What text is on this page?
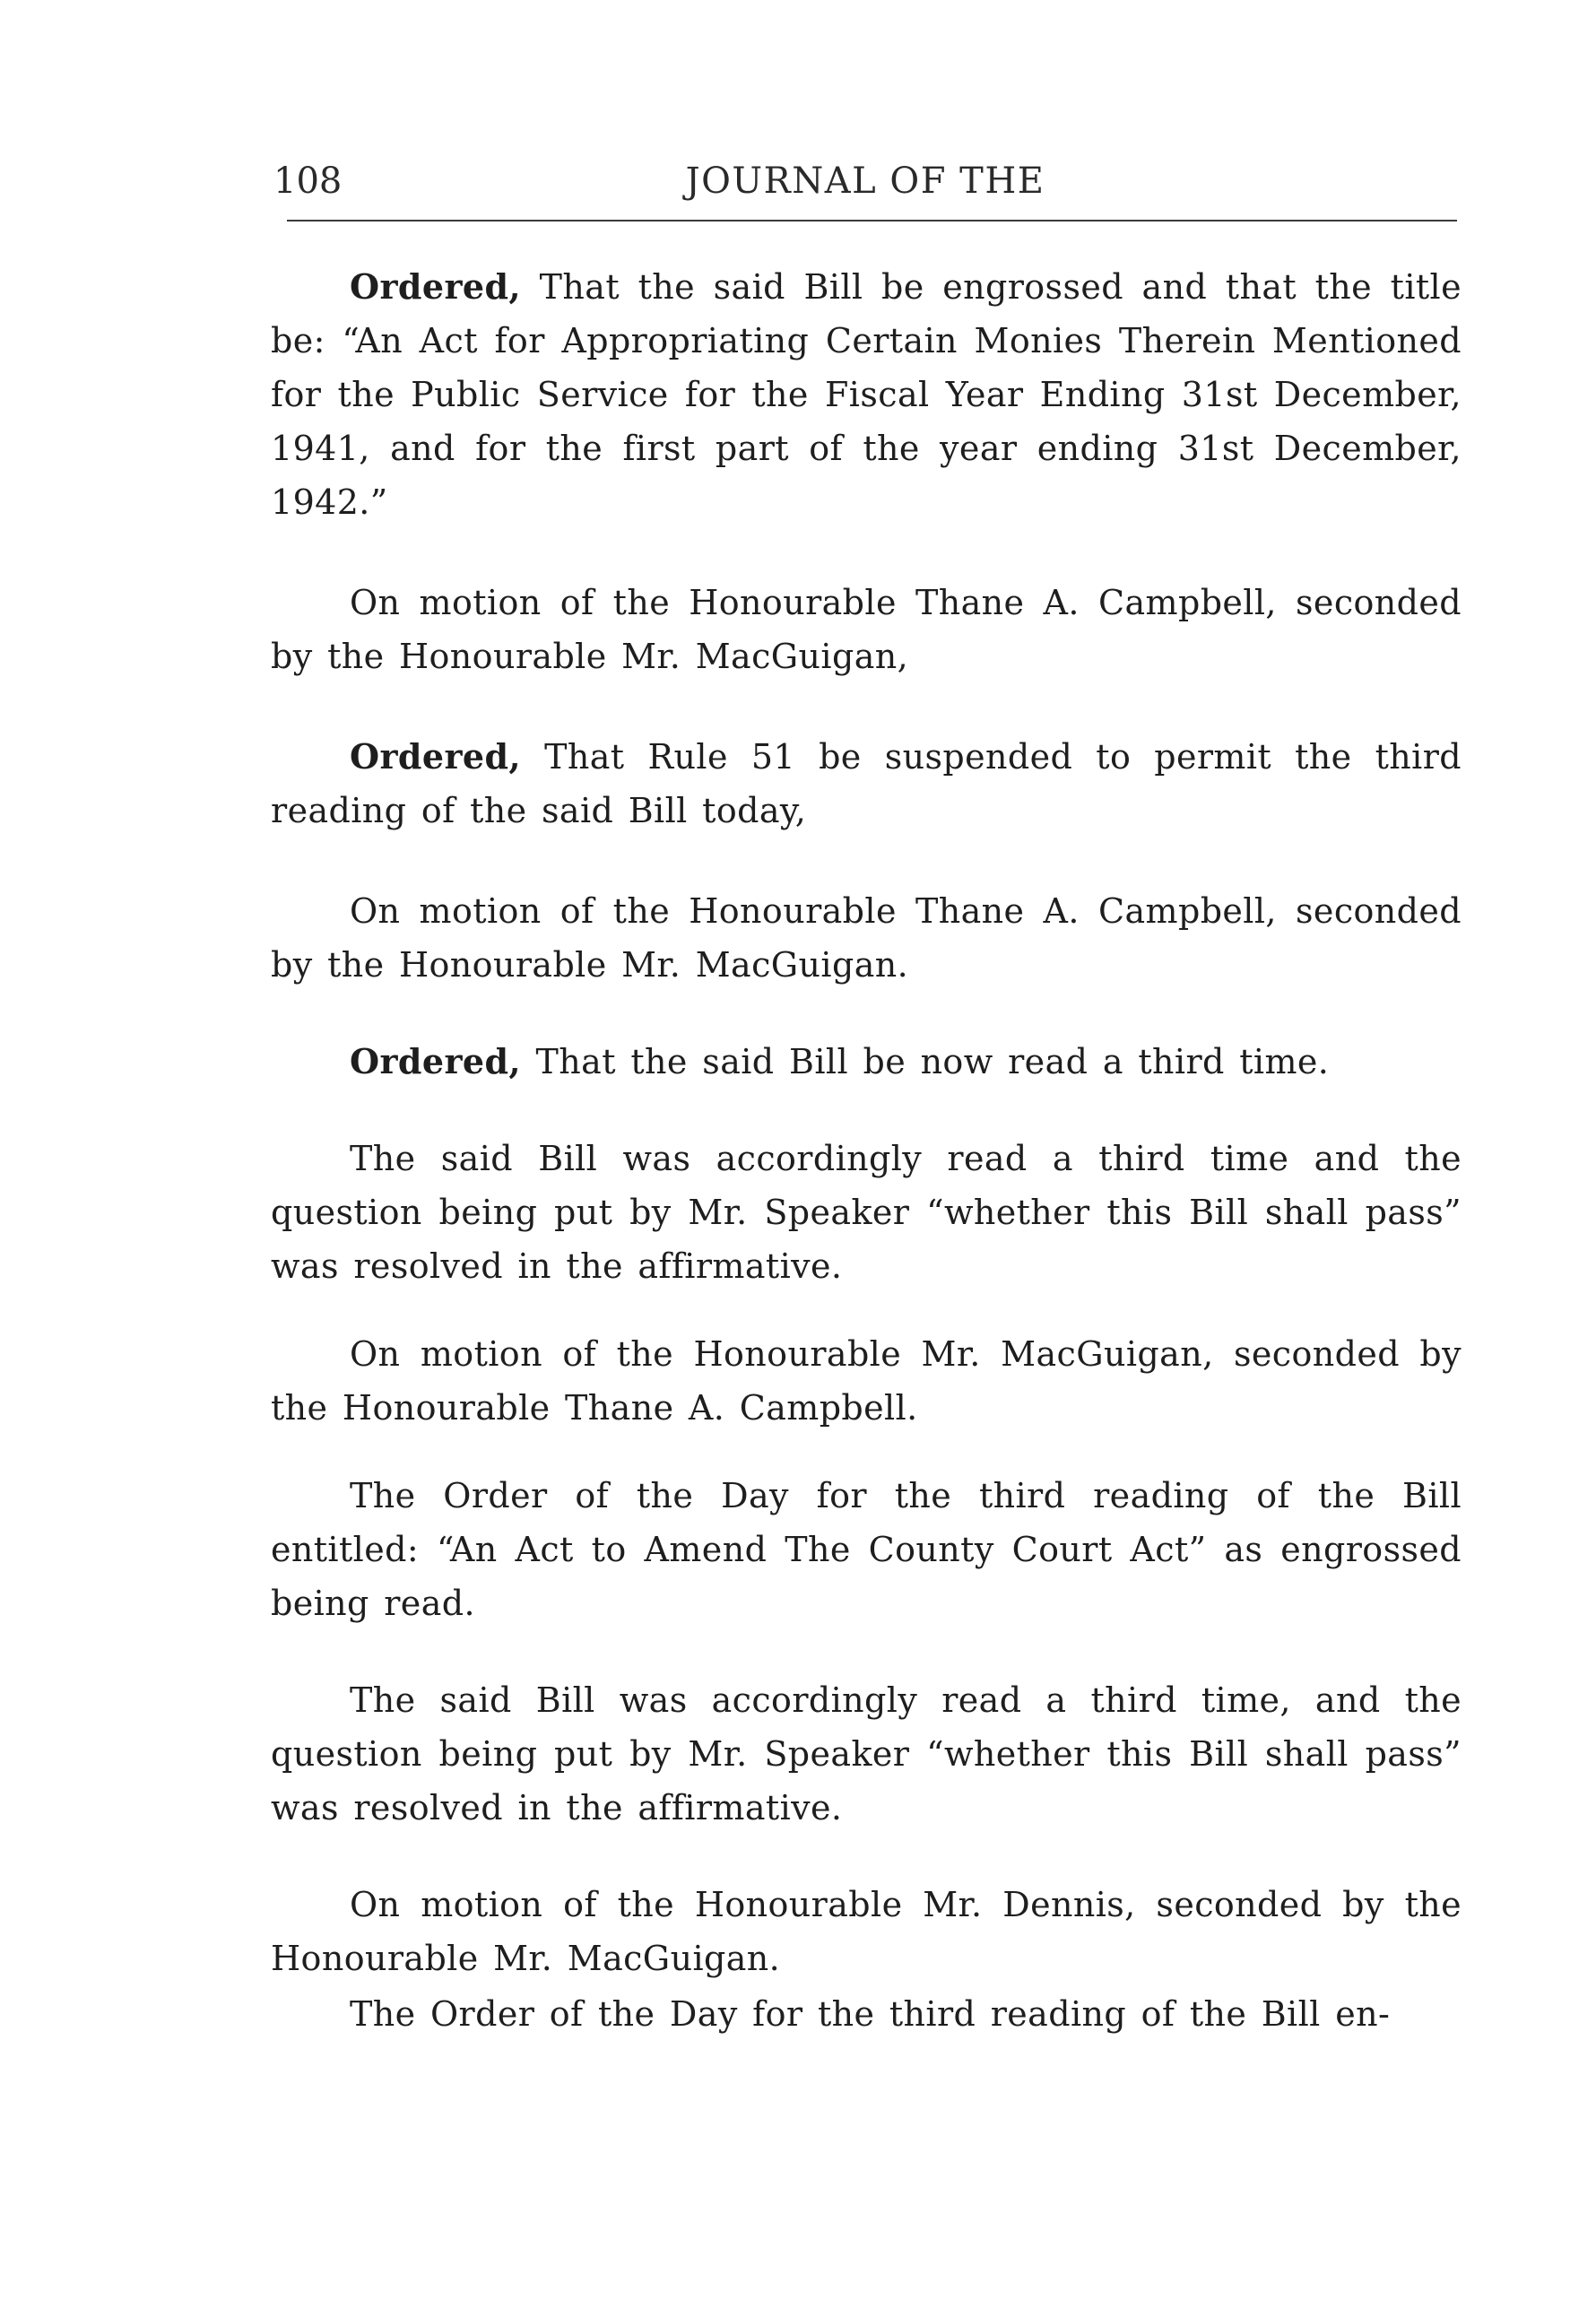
108	JOURNAL OF THE

Ordered, That the said Bill be engrossed and that the title be: “An Act for Appropriating Certain Monies Therein Mentioned for the Public Service for the Fiscal Year Ending 31st December, 1941, and for the first part of the year ending 31st December, 1942.”

On motion of the Honourable Thane A. Campbell, seconded by the Honourable Mr. MacGuigan,

Ordered, That Rule 51 be suspended to permit the third reading of the said Bill today,

On motion of the Honourable Thane A. Campbell, seconded by the Honourable Mr. MacGuigan.

Ordered, That the said Bill be now read a third time.

The said Bill was accordingly read a third time and the question being put by Mr. Speaker “whether this Bill shall pass” was resolved in the affirmative.

On motion of the Honourable Mr. MacGuigan, seconded by the Honourable Thane A. Campbell.

The Order of the Day for the third reading of the Bill entitled: “An Act to Amend The County Court Act” as engrossed being read.

The said Bill was accordingly read a third time, and the question being put by Mr. Speaker “whether this Bill shall pass” was resolved in the affirmative.

On motion of the Honourable Mr. Dennis, seconded by the Honourable Mr. MacGuigan.

The Order of the Day for the third reading of the Bill en-
